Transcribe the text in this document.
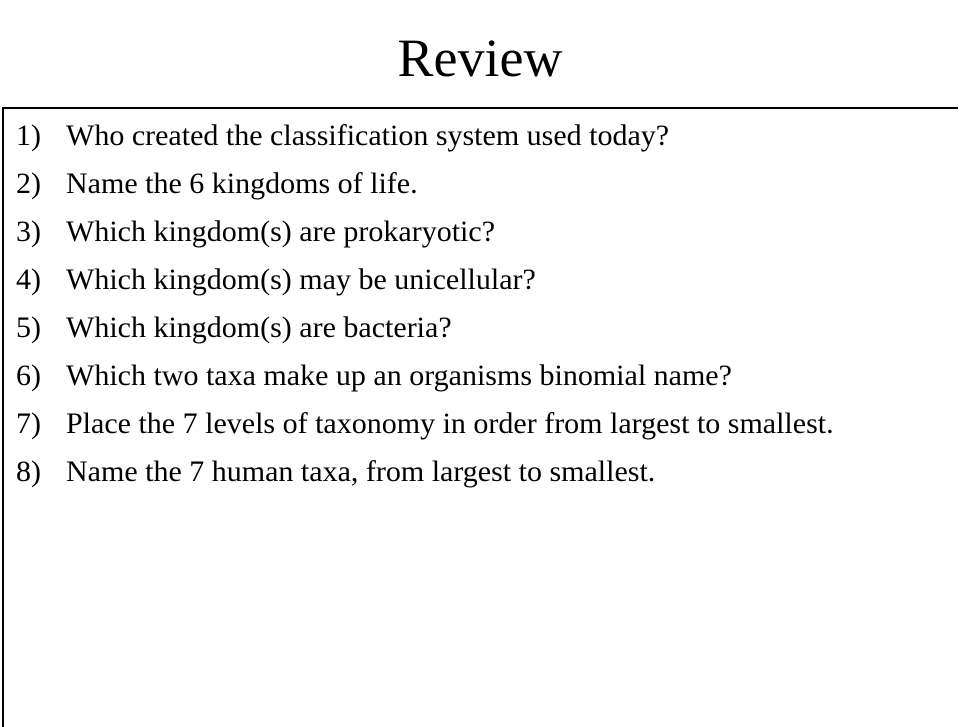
Review
1) Who created the classification system used today?
2) Name the 6 kingdoms of life.
3) Which kingdom(s) are prokaryotic?
4) Which kingdom(s) may be unicellular?
5) Which kingdom(s) are bacteria?
6) Which two taxa make up an organisms binomial name?
7) Place the 7 levels of taxonomy in order from largest to smallest.
8) Name the 7 human taxa, from largest to smallest.
